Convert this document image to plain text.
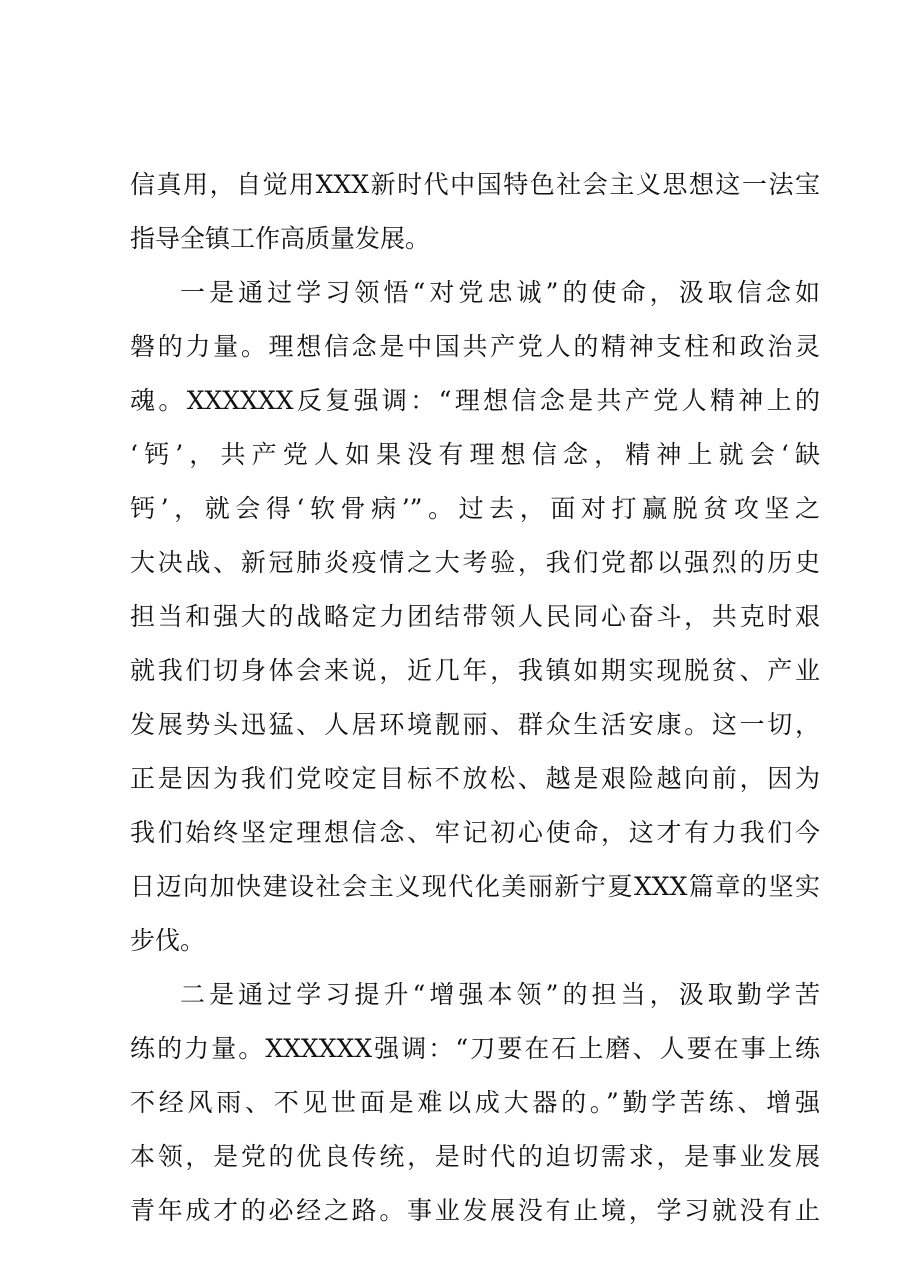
信真用，自觉用XXX新时代中国特色社会主义思想这一法宝
指导全镇工作高质量发展。
一是通过学习领悟“对党忠诚”的使命，汲取信念如
磐的力量。理想信念是中国共产党人的精神支柱和政治灵
魂。XXXXXX反复强调：“理想信念是共产党人精神上的
‘钙’，共产党人如果没有理想信念，精神上就会‘缺
钙’，就会得‘软骨病’”。过去，面对打赢脱贫攻坚之
大决战、新冠肺炎疫情之大考验，我们党都以强烈的历史
担当和强大的战略定力团结带领人民同心奋斗，共克时艰
就我们切身体会来说，近几年，我镇如期实现脱贫、产业
发展势头迅猛、人居环境靓丽、群众生活安康。这一切，
正是因为我们党咬定目标不放松、越是艰险越向前，因为
我们始终坚定理想信念、牢记初心使命，这才有力我们今
日迈向加快建设社会主义现代化美丽新宁夏XXX篇章的坚实
步伐。
二是通过学习提升“增强本领”的担当，汲取勤学苦
练的力量。XXXXXX强调：“刀要在石上磨、人要在事上练
不经风雨、不见世面是难以成大器的。”勤学苦练、增强
本领，是党的优良传统，是时代的迫切需求，是事业发展
青年成才的必经之路。事业发展没有止境，学习就没有止
